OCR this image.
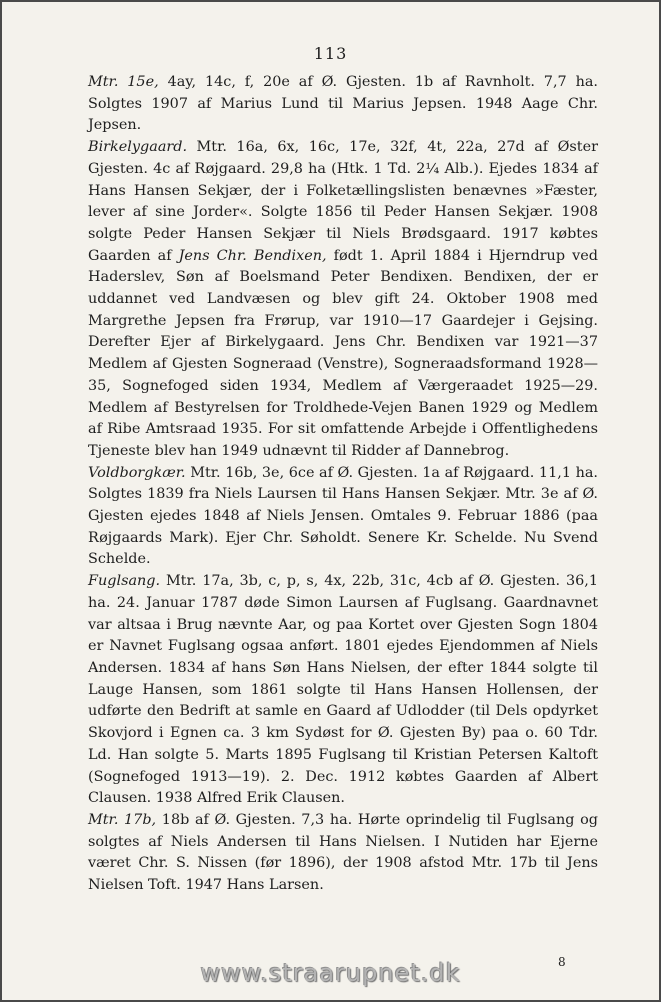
113

Mtr. 15e, 4ay, 14c, f, 20e af Ø. Gjesten. 1b af Ravnholt. 7,7 ha. Solgtes 1907 af Marius Lund til Marius Jepsen. 1948 Aage Chr. Jepsen.

Birkelygaard. Mtr. 16a, 6x, 16c, 17e, 32f, 4t, 22a, 27d af Øster Gjesten. 4c af Røjgaard. 29,8 ha (Htk. 1 Td. 2¼ Alb.). Ejedes 1834 af Hans Hansen Sekjær, der i Folketællingslisten benævnes »Fæster, lever af sine Jorder«. Solgte 1856 til Peder Hansen Sekjær. 1908 solgte Peder Hansen Sekjær til Niels Brødsgaard. 1917 købtes Gaarden af Jens Chr. Bendixen, født 1. April 1884 i Hjerndrup ved Haderslev, Søn af Boelsmand Peter Bendixen. Bendixen, der er uddannet ved Landvæsen og blev gift 24. Oktober 1908 med Margrethe Jepsen fra Frørup, var 1910—17 Gaardejer i Gejsing. Derefter Ejer af Birkelygaard. Jens Chr. Bendixen var 1921—37 Medlem af Gjesten Sogneraad (Venstre), Sogneraadsformand 1928—35, Sognefoged siden 1934, Medlem af Værgeraadet 1925—29. Medlem af Bestyrelsen for Troldhede-Vejen Banen 1929 og Medlem af Ribe Amtsraad 1935. For sit omfattende Arbejde i Offentlighedens Tjeneste blev han 1949 udnævnt til Ridder af Dannebrog.

Voldborgkær. Mtr. 16b, 3e, 6ce af Ø. Gjesten. 1a af Røjgaard. 11,1 ha. Solgtes 1839 fra Niels Laursen til Hans Hansen Sekjær. Mtr. 3e af Ø. Gjesten ejedes 1848 af Niels Jensen. Omtales 9. Februar 1886 (paa Røjgaards Mark). Ejer Chr. Søholdt. Senere Kr. Schelde. Nu Svend Schelde.

Fuglsang. Mtr. 17a, 3b, c, p, s, 4x, 22b, 31c, 4cb af Ø. Gjesten. 36,1 ha. 24. Januar 1787 døde Simon Laursen af Fuglsang. Gaardnavnet var altsaa i Brug nævnte Aar, og paa Kortet over Gjesten Sogn 1804 er Navnet Fuglsang ogsaa anført. 1801 ejedes Ejendommen af Niels Andersen. 1834 af hans Søn Hans Nielsen, der efter 1844 solgte til Lauge Hansen, som 1861 solgte til Hans Hansen Hollensen, der udførte den Bedrift at samle en Gaard af Udlodder (til Dels opdyrket Skovjord i Egnen ca. 3 km Sydøst for Ø. Gjesten By) paa o. 60 Tdr. Ld. Han solgte 5. Marts 1895 Fuglsang til Kristian Petersen Kaltoft (Sognefoged 1913—19). 2. Dec. 1912 købtes Gaarden af Albert Clausen. 1938 Alfred Erik Clausen.

Mtr. 17b, 18b af Ø. Gjesten. 7,3 ha. Hørte oprindelig til Fuglsang og solgtes af Niels Andersen til Hans Nielsen. I Nutiden har Ejerne været Chr. S. Nissen (før 1896), der 1908 afstod Mtr. 17b til Jens Nielsen Toft. 1947 Hans Larsen.

www.straarupnet.dk	8
